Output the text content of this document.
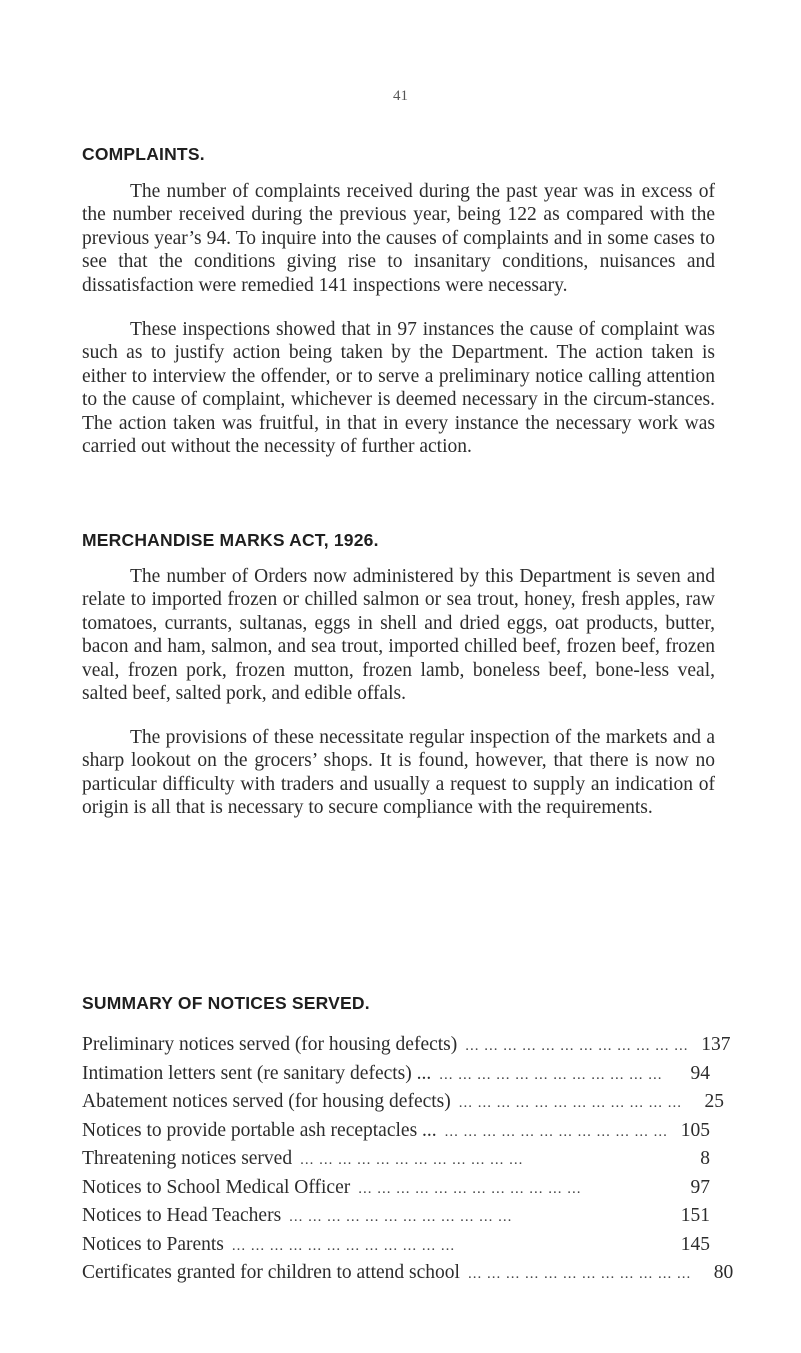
41
COMPLAINTS.

The number of complaints received during the past year was in excess of the number received during the previous year, being 122 as compared with the previous year’s 94. To inquire into the causes of complaints and in some cases to see that the conditions giving rise to insanitary conditions, nuisances and dissatisfaction were remedied 141 inspections were necessary.

These inspections showed that in 97 instances the cause of complaint was such as to justify action being taken by the Department. The action taken is either to interview the offender, or to serve a preliminary notice calling attention to the cause of complaint, whichever is deemed necessary in the circum-stances. The action taken was fruitful, in that in every instance the necessary work was carried out without the necessity of further action.

MERCHANDISE MARKS ACT, 1926.

The number of Orders now administered by this Department is seven and relate to imported frozen or chilled salmon or sea trout, honey, fresh apples, raw tomatoes, currants, sultanas, eggs in shell and dried eggs, oat products, butter, bacon and ham, salmon, and sea trout, imported chilled beef, frozen beef, frozen veal, frozen pork, frozen mutton, frozen lamb, boneless beef, bone-less veal, salted beef, salted pork, and edible offals.

The provisions of these necessitate regular inspection of the markets and a sharp lookout on the grocers’ shops. It is found, however, that there is now no particular difficulty with traders and usually a request to supply an indication of origin is all that is necessary to secure compliance with the requirements.

SUMMARY OF NOTICES SERVED.
Preliminary notices served (for housing defects) ... ... ... ... ... ... ... ... ... ... ... ... 137
Intimation letters sent (re sanitary defects) ... ... ... ... ... ... ... ... ... ... ... ... ...	94
Abatement notices served (for housing defects) ... ... ... ... ... ... ... ... ... ... ... ...	25
Notices to provide portable ash receptacles ... ... ... ... ... ... ... ... ... ... ... ... ... 105
Threatening notices served ... ... ... ... ... ... ... ... ... ... ... ...	8
Notices to School Medical Officer ... ... ... ... ... ... ... ... ... ... ... ...	97
Notices to Head Teachers ... ... ... ... ... ... ... ... ... ... ... ...	151
Notices to Parents ... ... ... ... ... ... ... ... ... ... ... ...	145
Certificates granted for children to attend school ... ... ... ... ... ... ... ... ... ... ... ...	80
